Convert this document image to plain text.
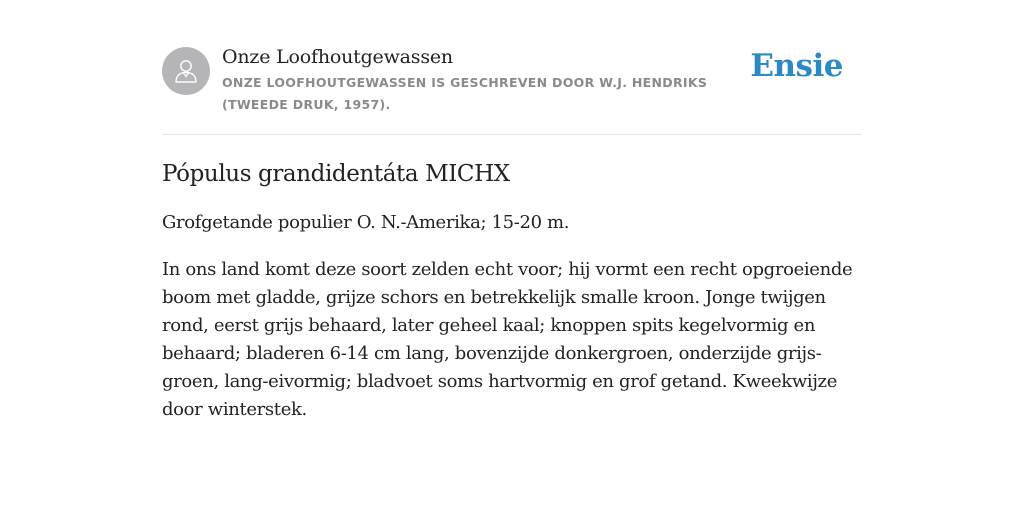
Onze Loofhoutgewassen
ONZE LOOFHOUTGEWASSEN IS GESCHREVEN DOOR W.J. HENDRIKS (TWEEDE DRUK, 1957).
Ensie
Pópulus grandidentáta MICHX

Grofgetande populier O. N.-Amerika; 15-20 m.

In ons land komt deze soort zelden echt voor; hij vormt een recht opgroeiende boom met gladde, grijze schors en betrekkelijk smalle kroon. Jonge twijgen rond, eerst grijs behaard, later geheel kaal; knoppen spits kegelvormig en behaard; bladeren 6-14 cm lang, bovenzijde donkergroen, onderzijde grijs-groen, lang-eivormig; bladvoet soms hartvormig en grof getand. Kweekwijze door winterstek.
